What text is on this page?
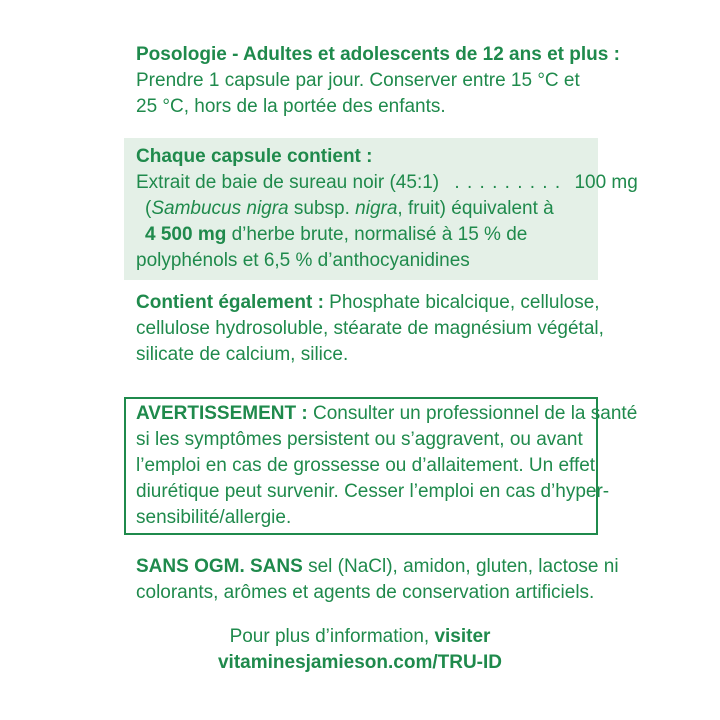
Posologie - Adultes et adolescents de 12 ans et plus :
Prendre 1 capsule par jour. Conserver entre 15 °C et
25 °C, hors de la portée des enfants.
Chaque capsule contient :
Extrait de baie de sureau noir (45:1) . . . . . . . . . 100 mg
(Sambucus nigra subsp. nigra, fruit) équivalent à
4 500 mg d’herbe brute, normalisé à 15 % de
polyphénols et 6,5 % d’anthocyanidines
Contient également : Phosphate bicalcique, cellulose,
cellulose hydrosoluble, stéarate de magnésium végétal,
silicate de calcium, silice.
AVERTISSEMENT : Consulter un professionnel de la santé
si les symptômes persistent ou s’aggravent, ou avant
l’emploi en cas de grossesse ou d’allaitement. Un effet
diurétique peut survenir. Cesser l’emploi en cas d’hyper-
sensibilité/allergie.
SANS OGM. SANS sel (NaCl), amidon, gluten, lactose ni
colorants, arômes et agents de conservation artificiels.
Pour plus d’information, visiter
vitaminesjamieson.com/TRU-ID
